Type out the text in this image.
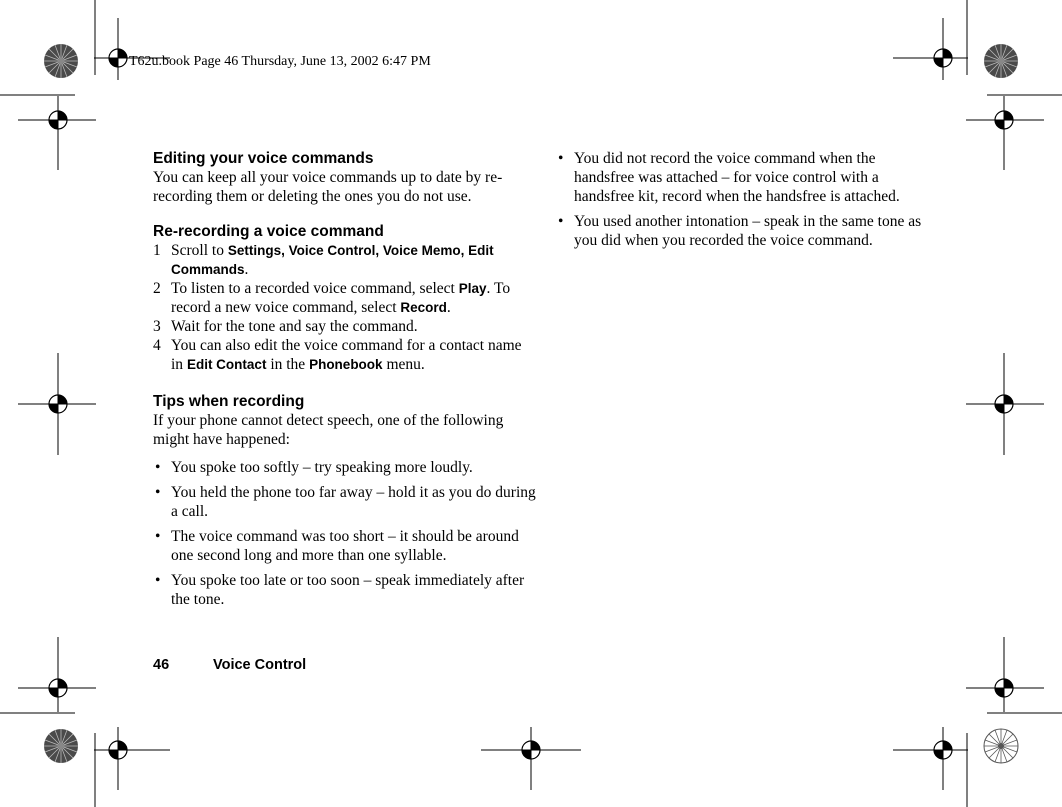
T62u.book Page 46 Thursday, June 13, 2002 6:47 PM
Editing your voice commands

You can keep all your voice commands up to date by re-recording them or deleting the ones you do not use.

Re-recording a voice command
1 Scroll to Settings, Voice Control, Voice Memo, Edit Commands.
2 To listen to a recorded voice command, select Play. To record a new voice command, select Record.
3 Wait for the tone and say the command.
4 You can also edit the voice command for a contact name in Edit Contact in the Phonebook menu.
Tips when recording

If your phone cannot detect speech, one of the following might have happened:

• You spoke too softly – try speaking more loudly.
• You held the phone too far away – hold it as you do during a call.
• The voice command was too short – it should be around one second long and more than one syllable.
• You spoke too late or too soon – speak immediately after the tone.
• You did not record the voice command when the handsfree was attached – for voice control with a handsfree kit, record when the handsfree is attached.
• You used another intonation – speak in the same tone as you did when you recorded the voice command.
46	Voice Control
